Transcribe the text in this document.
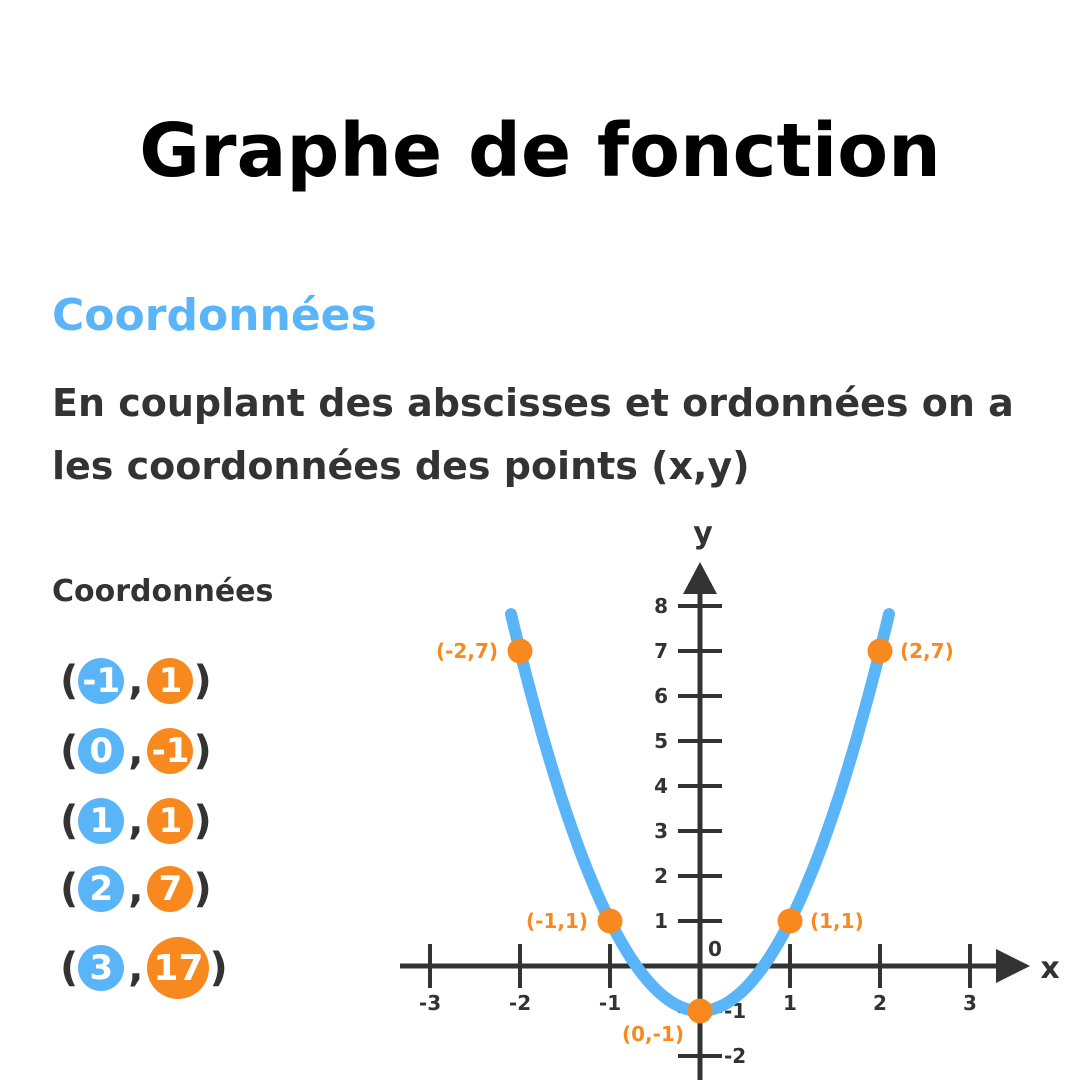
Graphe de fonction
Coordonnées
En couplant des abscisses et ordonnées on a les coordonnées des points (x,y)
Coordonnées
( -1 , 1 )
( 0 , -1 )
( 1 , 1 )
( 2 , 7 )
( 3 , 17 )	x
y
-3	-2	-1	1	2	3
-2
-1
1
2
3
4
5
6
7
8
0
(-2,7)
(-1,1)
(0,-1)
(1,1)
(2,7)
